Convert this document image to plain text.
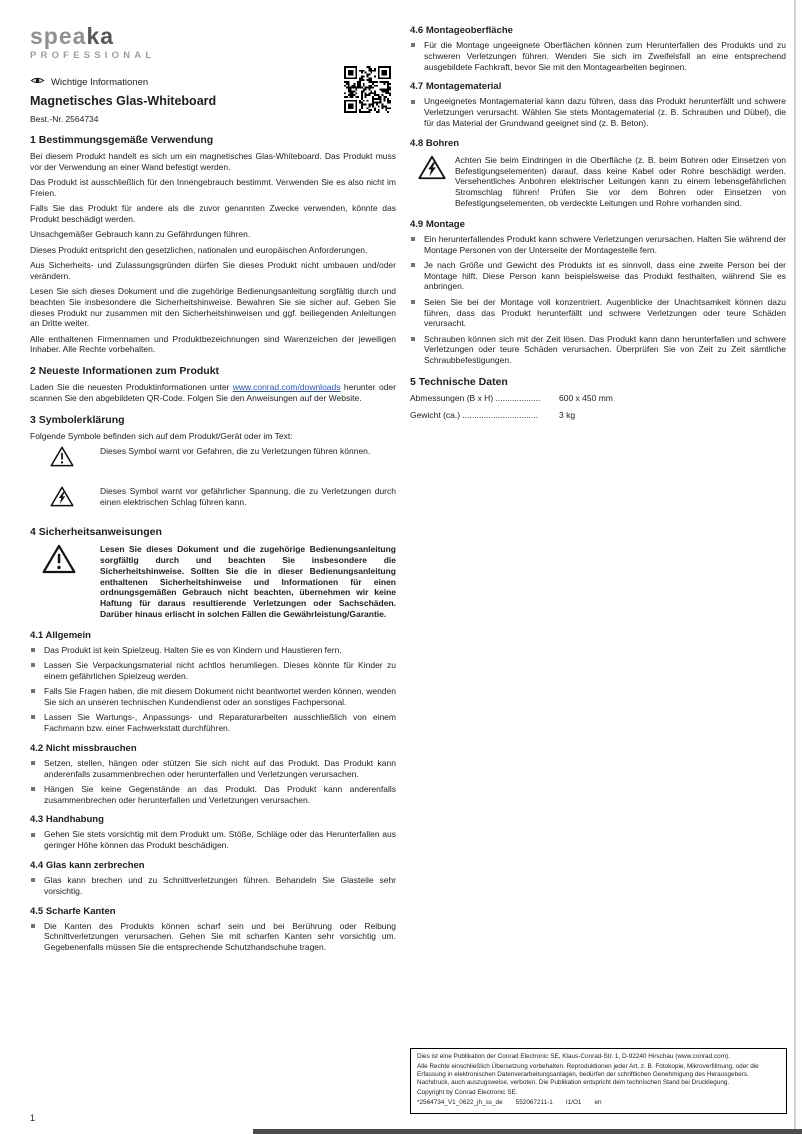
speaka
PROFESSIONAL
Wichtige Informationen
Magnetisches Glas-Whiteboard
Best.-Nr. 2564734
1 Bestimmungsgemäße Verwendung

Bei diesem Produkt handelt es sich um ein magnetisches Glas-Whiteboard. Das Produkt muss vor der Verwendung an einer Wand befestigt werden.

Das Produkt ist ausschließlich für den Innengebrauch bestimmt. Verwenden Sie es also nicht im Freien.

Falls Sie das Produkt für andere als die zuvor genannten Zwecke verwenden, könnte das Produkt beschädigt werden.

Unsachgemäßer Gebrauch kann zu Gefährdungen führen.

Dieses Produkt entspricht den gesetzlichen, nationalen und europäischen Anforderungen.

Aus Sicherheits- und Zulassungsgründen dürfen Sie dieses Produkt nicht umbauen und/oder verändern.

Lesen Sie sich dieses Dokument und die zugehörige Bedienungsanleitung sorgfältig durch und beachten Sie insbesondere die Sicherheitshinweise. Bewahren Sie sie sicher auf. Geben Sie dieses Produkt nur zusammen mit den Sicherheitshinweisen und ggf. beiliegenden Anleitungen an Dritte weiter.

Alle enthaltenen Firmennamen und Produktbezeichnungen sind Warenzeichen der jeweiligen Inhaber. Alle Rechte vorbehalten.

2 Neueste Informationen zum Produkt

Laden Sie die neuesten Produktinformationen unter www.conrad.com/downloads herunter oder scannen Sie den abgebildeten QR-Code. Folgen Sie den Anweisungen auf der Website.

3 Symbolerklärung

Folgende Symbole befinden sich auf dem Produkt/Gerät oder im Text:

Dieses Symbol warnt vor Gefahren, die zu Verletzungen führen können.

Dieses Symbol warnt vor gefährlicher Spannung, die zu Verletzungen durch einen elektrischen Schlag führen kann.

4 Sicherheitsanweisungen

Lesen Sie dieses Dokument und die zugehörige Bedienungsanleitung sorgfältig durch und beachten Sie insbesondere die Sicherheitshinweise. Sollten Sie die in dieser Bedienungsanleitung enthaltenen Sicherheitshinweise und Informationen für einen ordnungsgemäßen Gebrauch nicht beachten, übernehmen wir keine Haftung für daraus resultierende Verletzungen oder Sachschäden. Darüber hinaus erlischt in solchen Fällen die Gewährleistung/Garantie.

4.1 Allgemein

Das Produkt ist kein Spielzeug. Halten Sie es von Kindern und Haustieren fern.

Lassen Sie Verpackungsmaterial nicht achtlos herumliegen. Dieses könnte für Kinder zu einem gefährlichen Spielzeug werden.

Falls Sie Fragen haben, die mit diesem Dokument nicht beantwortet werden können, wenden Sie sich an unseren technischen Kundendienst oder an sonstiges Fachpersonal.

Lassen Sie Wartungs-, Anpassungs- und Reparaturarbeiten ausschließlich von einem Fachmann bzw. einer Fachwerkstatt durchführen.

4.2 Nicht missbrauchen

Setzen, stellen, hängen oder stützen Sie sich nicht auf das Produkt. Das Produkt kann anderenfalls zusammenbrechen oder herunterfallen und Verletzungen verursachen.

Hängen Sie keine Gegenstände an das Produkt. Das Produkt kann anderenfalls zusammenbrechen oder herunterfallen und Verletzungen verursachen.

4.3 Handhabung

Gehen Sie stets vorsichtig mit dem Produkt um. Stöße, Schläge oder das Herunterfallen aus geringer Höhe können das Produkt beschädigen.

4.4 Glas kann zerbrechen

Glas kann brechen und zu Schnittverletzungen führen. Behandeln Sie Glasteile sehr vorsichtig.

4.5 Scharfe Kanten

Die Kanten des Produkts können scharf sein und bei Berührung oder Reibung Schnittverletzungen verursachen. Gehen Sie mit scharfen Kanten sehr vorsichtig um. Gegebenenfalls müssen Sie die entsprechende Schutzhandschuhe tragen.

4.6 Montageoberfläche

Für die Montage ungeeignete Oberflächen können zum Herunterfallen des Produkts und zu schweren Verletzungen führen. Wenden Sie sich im Zweifelsfall an eine entsprechend ausgebildete Fachkraft, bevor Sie mit den Montagearbeiten beginnen.

4.7 Montagematerial

Ungeeignetes Montagematerial kann dazu führen, dass das Produkt herunterfällt und schwere Verletzungen verursacht. Wählen Sie stets Montagematerial (z. B. Schrauben und Dübel), die für das Material der Grundwand geeignet sind (z. B. Beton).

4.8 Bohren

Achten Sie beim Eindringen in die Oberfläche (z. B. beim Bohren oder Einsetzen von Befestigungselementen) darauf, dass keine Kabel oder Rohre beschädigt werden. Versehentliches Anbohren elektrischer Leitungen kann zu einem lebensgefährlichen Stromschlag führen! Prüfen Sie vor dem Bohren oder Einsetzen von Befestigungselementen, ob verdeckte Leitungen und Rohre vorhanden sind.

4.9 Montage

Ein herunterfallendes Produkt kann schwere Verletzungen verursachen. Halten Sie während der Montage Personen von der Unterseite der Montagestelle fern.

Je nach Größe und Gewicht des Produkts ist es sinnvoll, dass eine zweite Person bei der Montage hilft. Diese Person kann beispielsweise das Produkt festhalten, während Sie es anbringen.

Seien Sie bei der Montage voll konzentriert. Augenblicke der Unachtsamkeit können dazu führen, dass das Produkt herunterfällt und schwere Verletzungen oder teure Schäden verursacht.

Schrauben können sich mit der Zeit lösen. Das Produkt kann dann herunterfallen und schwere Verletzungen oder teure Schäden verursachen. Überprüfen Sie von Zeit zu Zeit sämtliche Schraubbefestigungen.

5 Technische Daten
Abmessungen (B x H) ...................	600 x 450 mm
Gewicht (ca.) ................................	3 kg

Dies ist eine Publikation der Conrad Electronic SE, Klaus-Conrad-Str. 1, D-92240 Hirschau (www.conrad.com).

Alle Rechte einschließlich Übersetzung vorbehalten. Reproduktionen jeder Art, z. B. Fotokopie, Mikroverfilmung, oder die Erfassung in elektronischen Datenverarbeitungsanlagen, bedürfen der schriftlichen Genehmigung des Herausgebers. Nachdruck, auch auszugsweise, verboten. Die Publikation entspricht dem technischen Stand bei Drucklegung.

Copyright by Conrad Electronic SE.

*2564734_V1_0622_jh_ss_de 552067211-1 I1/O1 en

1
